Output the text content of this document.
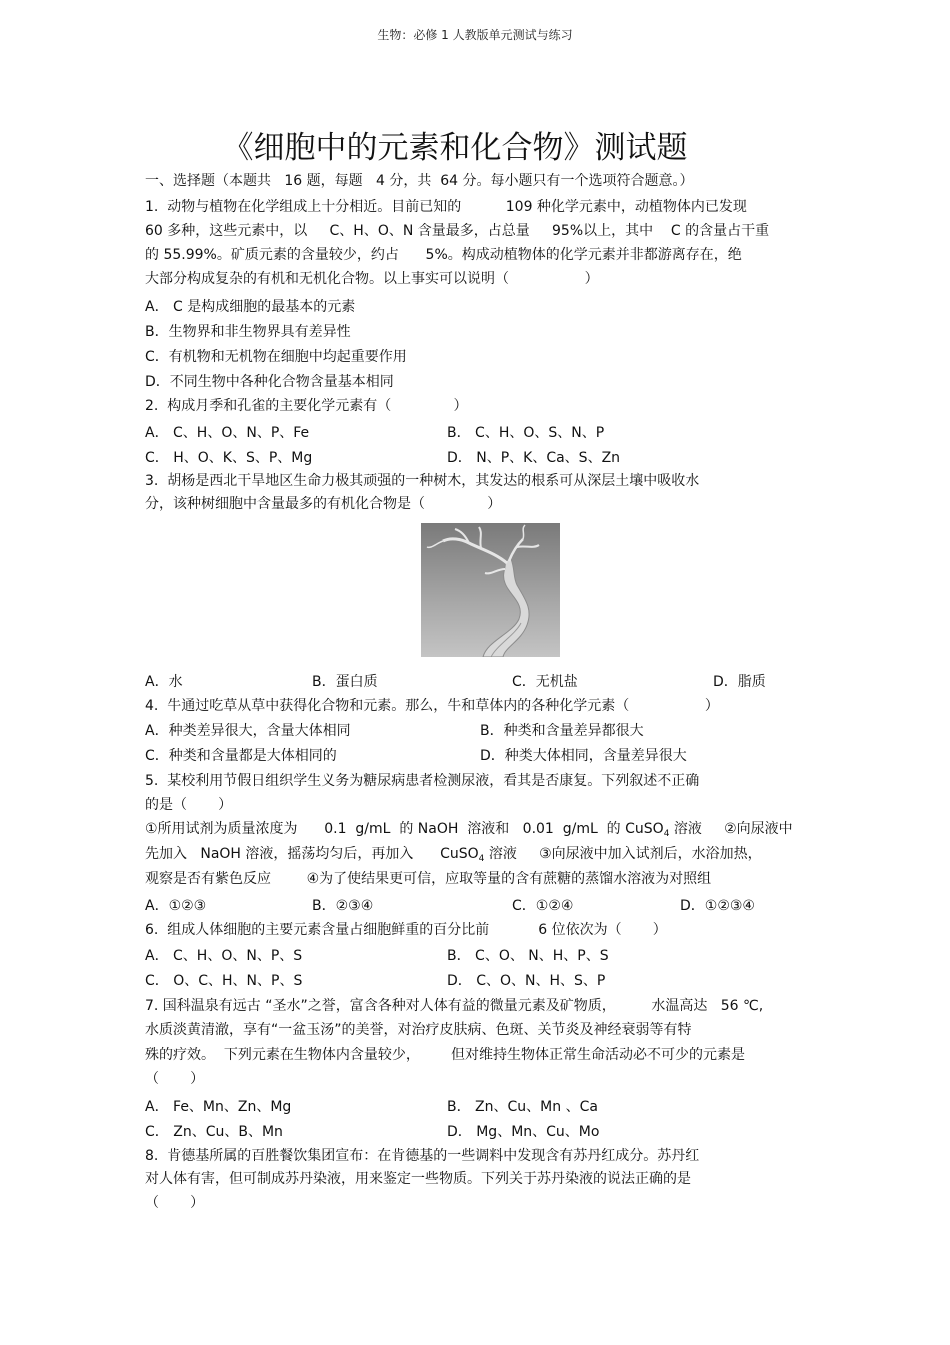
生物：必修 1 人教版单元测试与练习
《细胞中的元素和化合物》测试题
一、选择题（本题共   16 题，每题   4 分，共  64 分。每小题只有一个选项符合题意。）
1.  动物与植物在化学组成上十分相近。目前已知的          109 种化学元素中，动植物体内已发现
60 多种，这些元素中，以     C、H、O、N 含量最多，占总量     95%以上，其中    C 的含量占干重
的 55.99%。矿质元素的含量较少，约占      5%。构成动植物体的化学元素并非都游离存在，绝
大部分构成复杂的有机和无机化合物。以上事实可以说明（                 ）
A． C 是构成细胞的最基本的元素
B．生物界和非生物界具有差异性
C．有机物和无机物在细胞中均起重要作用
D．不同生物中各种化合物含量基本相同
2.  构成月季和孔雀的主要化学元素有（              ）
A． C、H、O、N、P、Fe	B． C、H、O、S、N、P
C． H、O、K、S、P、Mg	D． N、P、K、Ca、S、Zn
3.  胡杨是西北干旱地区生命力极其顽强的一种树木，其发达的根系可从深层土壤中吸收水
分，该种树细胞中含量最多的有机化合物是（              ）
A．水	B．蛋白质	C．无机盐	D．脂质
4.  牛通过吃草从草中获得化合物和元素。那么，牛和草体内的各种化学元素（                 ）
A．种类差异很大，含量大体相同	B．种类和含量差异都很大
C．种类和含量都是大体相同的	D．种类大体相同，含量差异很大
5.  某校利用节假日组织学生义务为糖尿病患者检测尿液，看其是否康复。下列叙述不正确
的是（       ）
①所用试剂为质量浓度为      0.1  g/mL  的 NaOH  溶液和   0.01  g/mL  的 CuSO$_4$ 溶液     ②向尿液中
先加入   NaOH 溶液，摇荡均匀后，再加入      CuSO$_4$ 溶液     ③向尿液中加入试剂后，水浴加热，
观察是否有紫色反应        ④为了使结果更可信，应取等量的含有蔗糖的蒸馏水溶液为对照组
A．①②③	B．②③④	C．①②④	D．①②③④
6.  组成人体细胞的主要元素含量占细胞鲜重的百分比前           6 位依次为（       ）
A． C、H、O、N、P、S	B． C、O、 N、H、P、S
C． O、C、H、N、P、S	D． C、O、N、H、S、P
7. 国科温泉有远古 “圣水”之誉，富含各种对人体有益的微量元素及矿物质，        水温高达   56 ℃,
水质淡黄清澈，享有“一盆玉汤”的美誉，对治疗皮肤病、色斑、关节炎及神经衰弱等有特
殊的疗效。  下列元素在生物体内含量较少，       但对维持生物体正常生命活动必不可少的元素是
（       ）
A． Fe、Mn、Zn、Mg	B． Zn、Cu、Mn 、Ca
C． Zn、Cu、B、Mn	D． Mg、Mn、Cu、Mo
8.  肯德基所属的百胜餐饮集团宣布：在肯德基的一些调料中发现含有苏丹红成分。苏丹红
对人体有害，但可制成苏丹染液，用来鉴定一些物质。下列关于苏丹染液的说法正确的是
（       ）
